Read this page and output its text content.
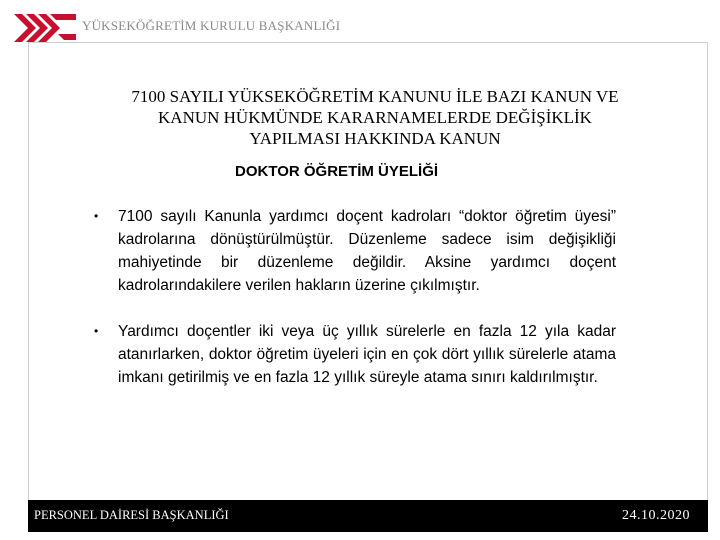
YÜKSEKÖĞRETİM KURULU BAŞKANLIĞI
7100 SAYILI YÜKSEKÖĞRETİM KANUNU İLE BAZI KANUN VE
KANUN HÜKMÜNDE KARARNAMELERDE DEĞİŞİKLİK
YAPILMASI HAKKINDA KANUN
DOKTOR ÖĞRETİM ÜYELİĞİ
• 7100 sayılı Kanunla yardımcı doçent kadroları “doktor öğretim üyesi” kadrolarına dönüştürülmüştür. Düzenleme sadece isim değişikliği mahiyetinde bir düzenleme değildir. Aksine yardımcı doçent kadrolarındakilere verilen hakların üzerine çıkılmıştır.
• Yardımcı doçentler iki veya üç yıllık sürelerle en fazla 12 yıla kadar atanırlarken, doktor öğretim üyeleri için en çok dört yıllık sürelerle atama imkanı getirilmiş ve en fazla 12 yıllık süreyle atama sınırı kaldırılmıştır.
PERSONEL DAİRESİ BAŞKANLIĞI	24.10.2020
